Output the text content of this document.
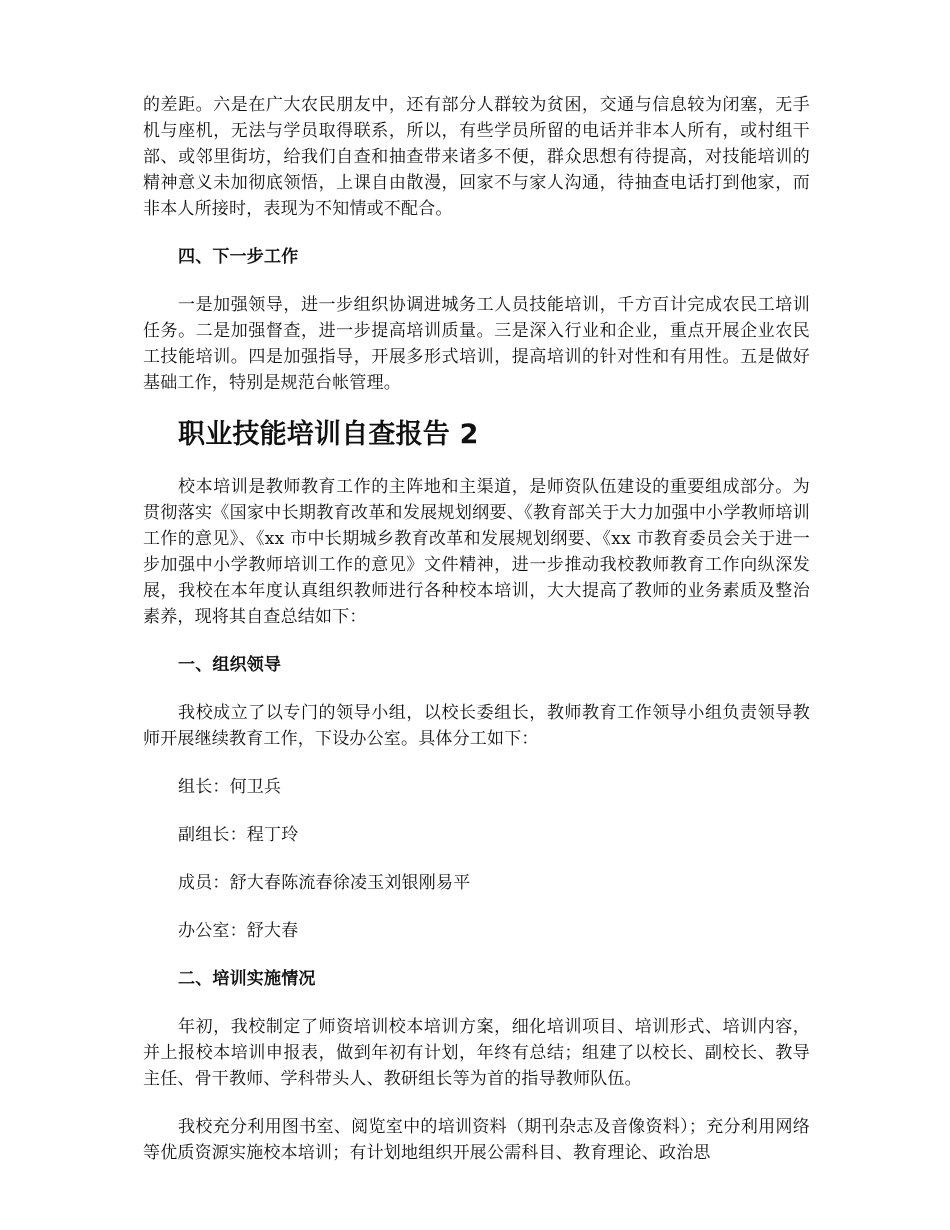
的差距。六是在广大农民朋友中，还有部分人群较为贫困，交通与信息较为闭塞，无手机与座机，无法与学员取得联系，所以，有些学员所留的电话并非本人所有，或村组干部、或邻里街坊，给我们自查和抽查带来诸多不便，群众思想有待提高，对技能培训的精神意义未加彻底领悟，上课自由散漫，回家不与家人沟通，待抽查电话打到他家，而非本人所接时，表现为不知情或不配合。

四、下一步工作

一是加强领导，进一步组织协调进城务工人员技能培训，千方百计完成农民工培训任务。二是加强督查，进一步提高培训质量。三是深入行业和企业，重点开展企业农民工技能培训。四是加强指导，开展多形式培训，提高培训的针对性和有用性。五是做好基础工作，特别是规范台帐管理。

职业技能培训自查报告 2

校本培训是教师教育工作的主阵地和主渠道，是师资队伍建设的重要组成部分。为贯彻落实《国家中长期教育改革和发展规划纲要、《教育部关于大力加强中小学教师培训工作的意见》、《xx 市中长期城乡教育改革和发展规划纲要、《xx 市教育委员会关于进一步加强中小学教师培训工作的意见》文件精神，进一步推动我校教师教育工作向纵深发展，我校在本年度认真组织教师进行各种校本培训，大大提高了教师的业务素质及整治素养，现将其自查总结如下：

一、组织领导

我校成立了以专门的领导小组，以校长委组长，教师教育工作领导小组负责领导教师开展继续教育工作，下设办公室。具体分工如下：

组长：何卫兵

副组长：程丁玲

成员：舒大春陈流春徐凌玉刘银刚易平

办公室：舒大春

二、培训实施情况

年初，我校制定了师资培训校本培训方案，细化培训项目、培训形式、培训内容，并上报校本培训申报表，做到年初有计划，年终有总结；组建了以校长、副校长、教导主任、骨干教师、学科带头人、教研组长等为首的指导教师队伍。

我校充分利用图书室、阅览室中的培训资料（期刊杂志及音像资料）；充分利用网络等优质资源实施校本培训；有计划地组织开展公需科目、教育理论、政治思
